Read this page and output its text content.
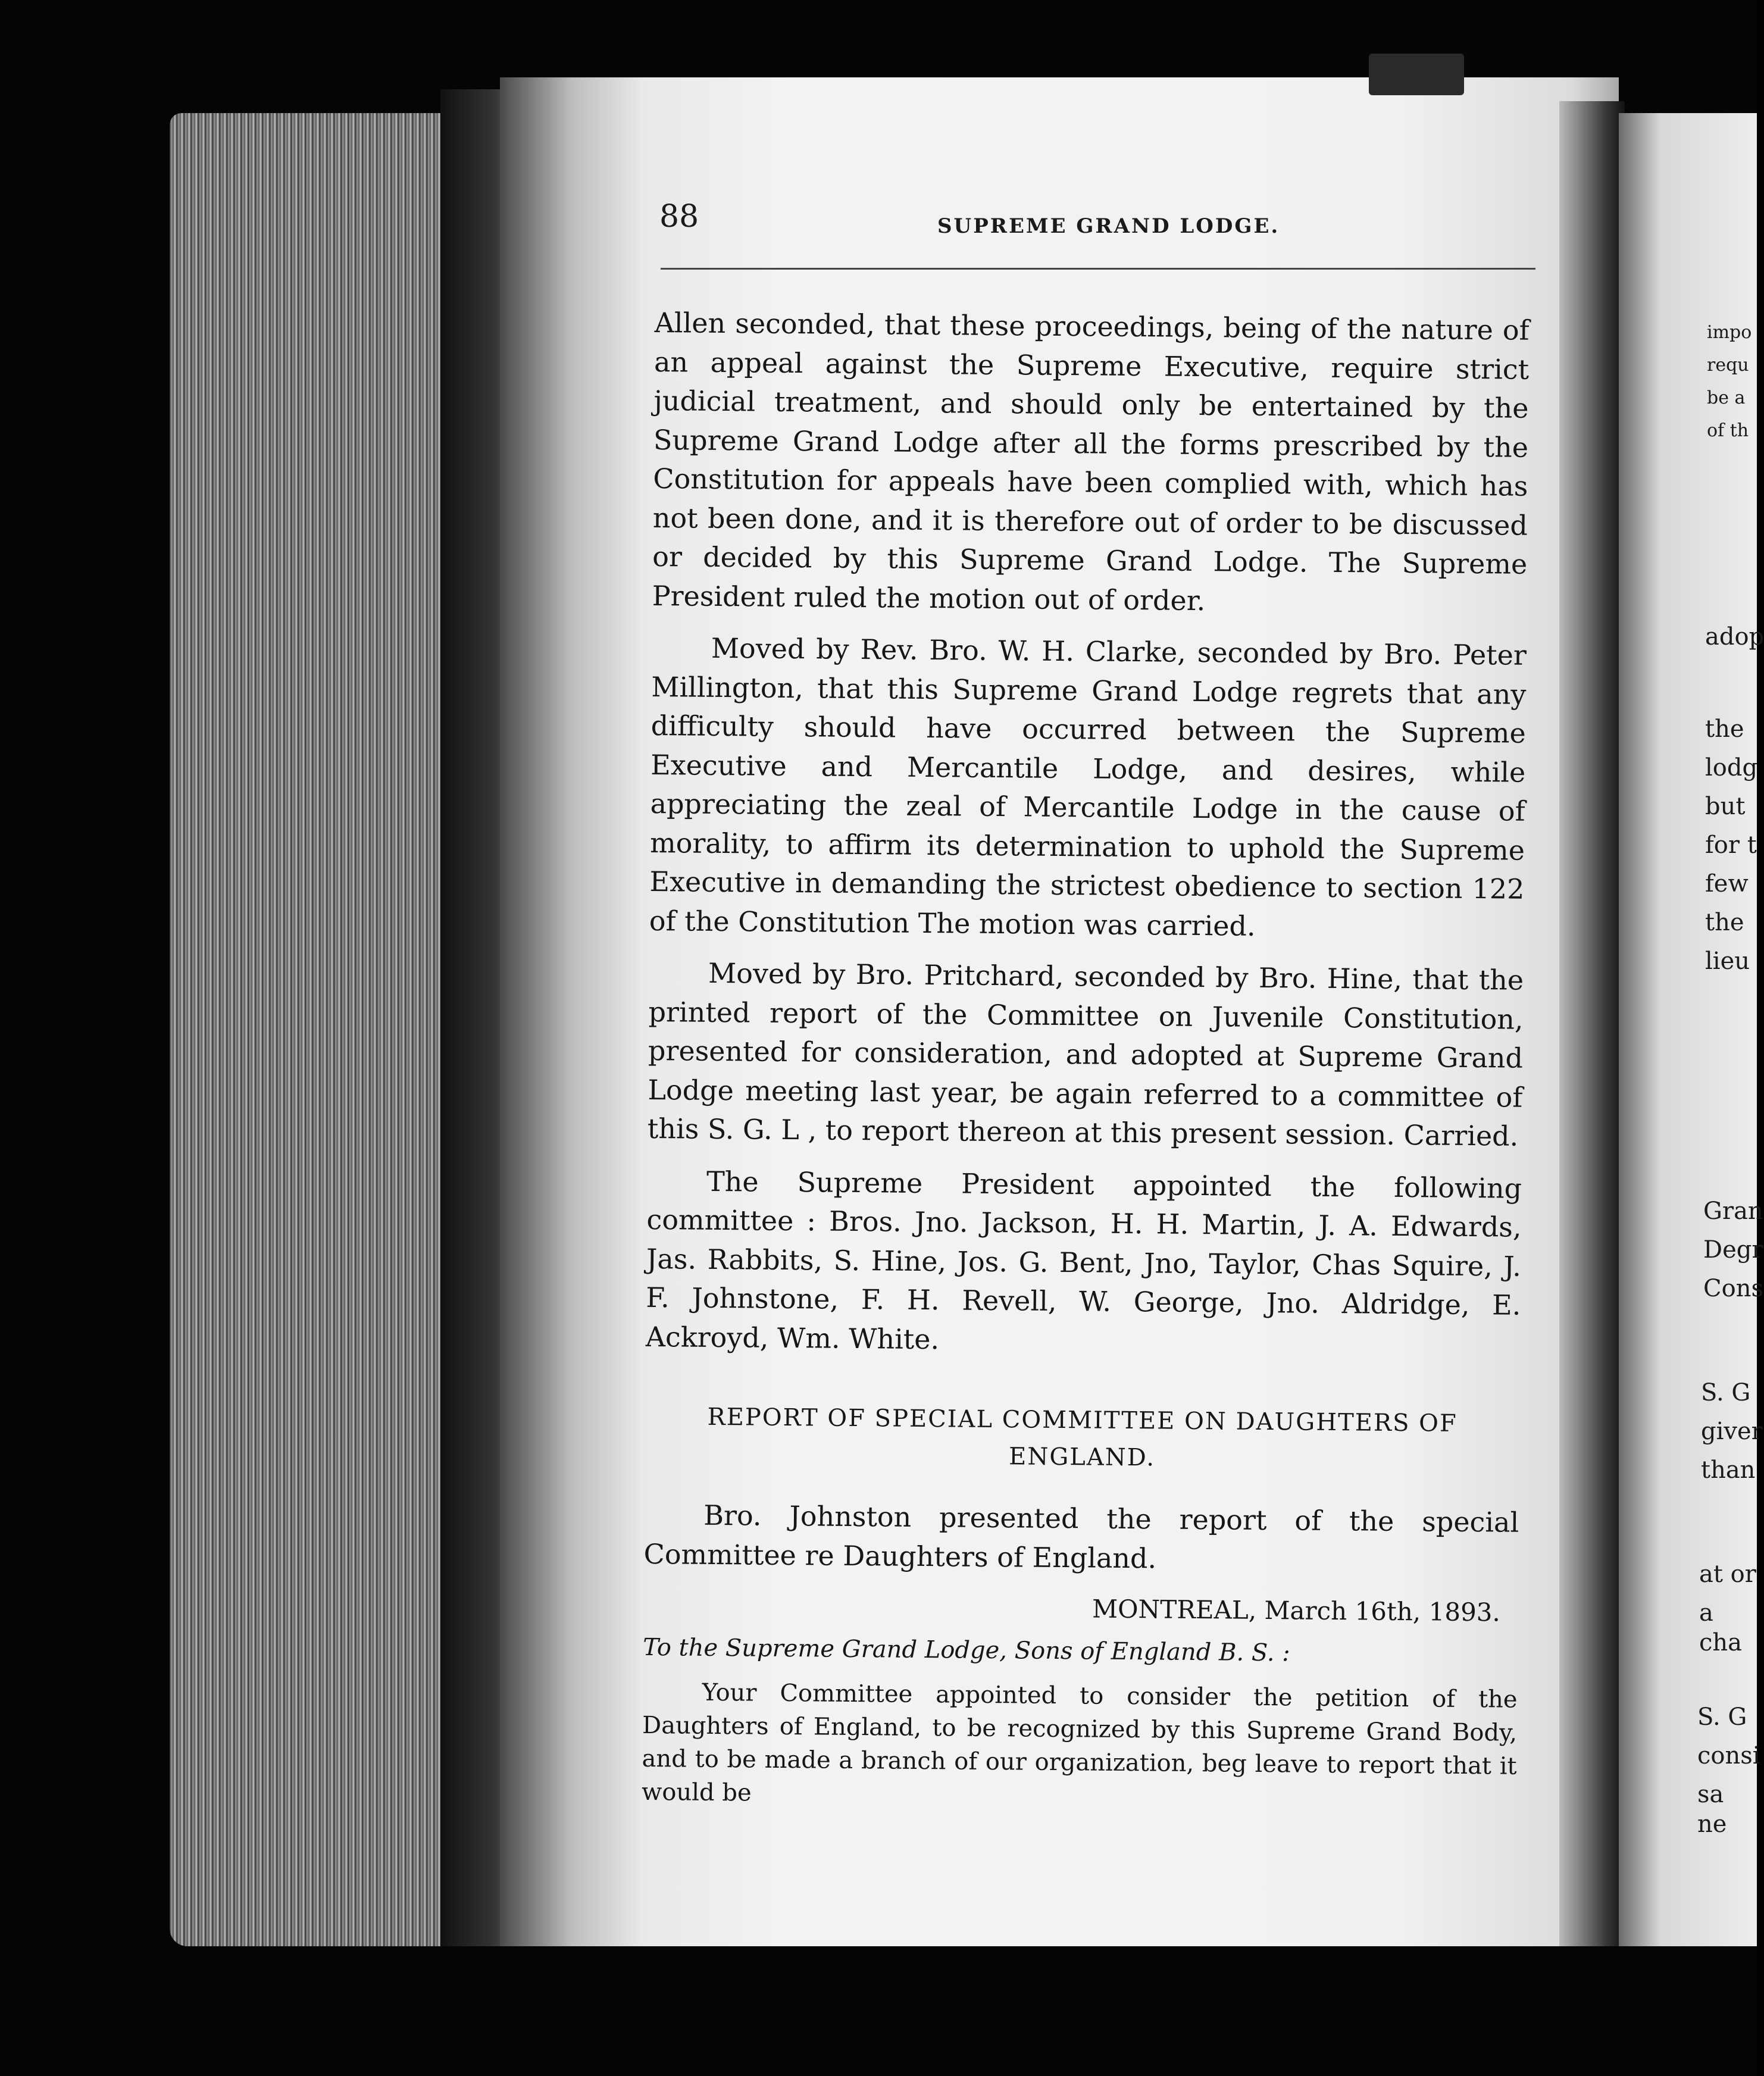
88	SUPREME GRAND LODGE.

Allen seconded, that these proceedings, being of the nature of an appeal against the Supreme Executive, require strict judicial treatment, and should only be entertained by the Supreme Grand Lodge after all the forms prescribed by the Constitution for appeals have been complied with, which has not been done, and it is therefore out of order to be discussed or decided by this Supreme Grand Lodge. The Supreme President ruled the motion out of order.

Moved by Rev. Bro. W. H. Clarke, seconded by Bro. Peter Millington, that this Supreme Grand Lodge regrets that any difficulty should have occurred between the Supreme Executive and Mercantile Lodge, and desires, while appreciating the zeal of Mercantile Lodge in the cause of morality, to affirm its determination to uphold the Supreme Executive in demanding the strictest obedience to section 122 of the Constitution The motion was carried.

Moved by Bro. Pritchard, seconded by Bro. Hine, that the printed report of the Committee on Juvenile Constitution, presented for consideration, and adopted at Supreme Grand Lodge meeting last year, be again referred to a committee of this S. G. L , to report thereon at this present session. Carried.

The Supreme President appointed the following committee : Bros. Jno. Jackson, H. H. Martin, J. A. Edwards, Jas. Rabbits, S. Hine, Jos. G. Bent, Jno, Taylor, Chas Squire, J. F. Johnstone, F. H. Revell, W. George, Jno. Aldridge, E. Ackroyd, Wm. White.

REPORT OF SPECIAL COMMITTEE ON DAUGHTERS OF ENGLAND.

Bro. Johnston presented the report of the special Committee re Daughters of England.

MONTREAL, March 16th, 1893.
To the Supreme Grand Lodge, Sons of England B. S. :

Your Committee appointed to consider the petition of the Daughters of England, to be recognized by this Supreme Grand Body, and to be made a branch of our organization, beg leave to report that it would be

impo
requ
be a
of th
adop
the
lodg
but
for t
few
the
lieu
Gran
Degr
Cons
S. G
giver
than
at or
a cha
S. G
consi
sa ne
